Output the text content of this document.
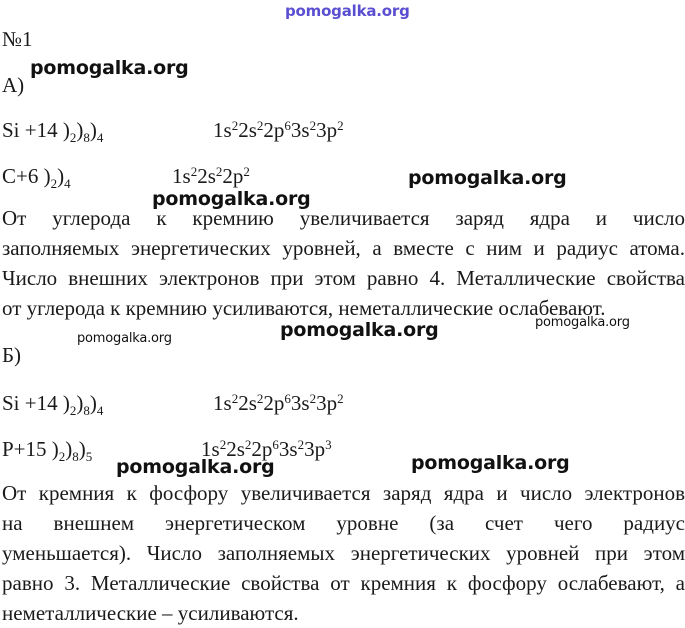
pomogalka.org
№1
А)
pomogalka.org
Si +14 )$_2)_8)_4$	$1s^22s^22p^63s^23p^2$
С+6 )$_2)_4$	$1s^22s^22p^2$	pomogalka.org
pomogalka.org
От углерода к кремнию увеличивается заряд ядра и число
заполняемых энергетических уровней, а вместе с ним и радиус атома.
Число внешних электронов при этом равно 4. Металлические свойства
от углерода к кремнию усиливаются, неметаллические ослабевают.
pomogalka.org	pomogalka.org
pomogalka.org
Б)
Si +14 )$_2)_8)_4$	$1s^22s^22p^63s^23p^2$
Р+15 )$_2)_8)_5$	$1s^22s^22p^63s^23p^3$
pomogalka.org	pomogalka.org
От кремния к фосфору увеличивается заряд ядра и число электронов
на внешнем энергетическом уровне (за счет чего радиус
уменьшается). Число заполняемых энергетических уровней при этом
равно 3. Металлические свойства от кремния к фосфору ослабевают, а
неметаллические – усиливаются.
